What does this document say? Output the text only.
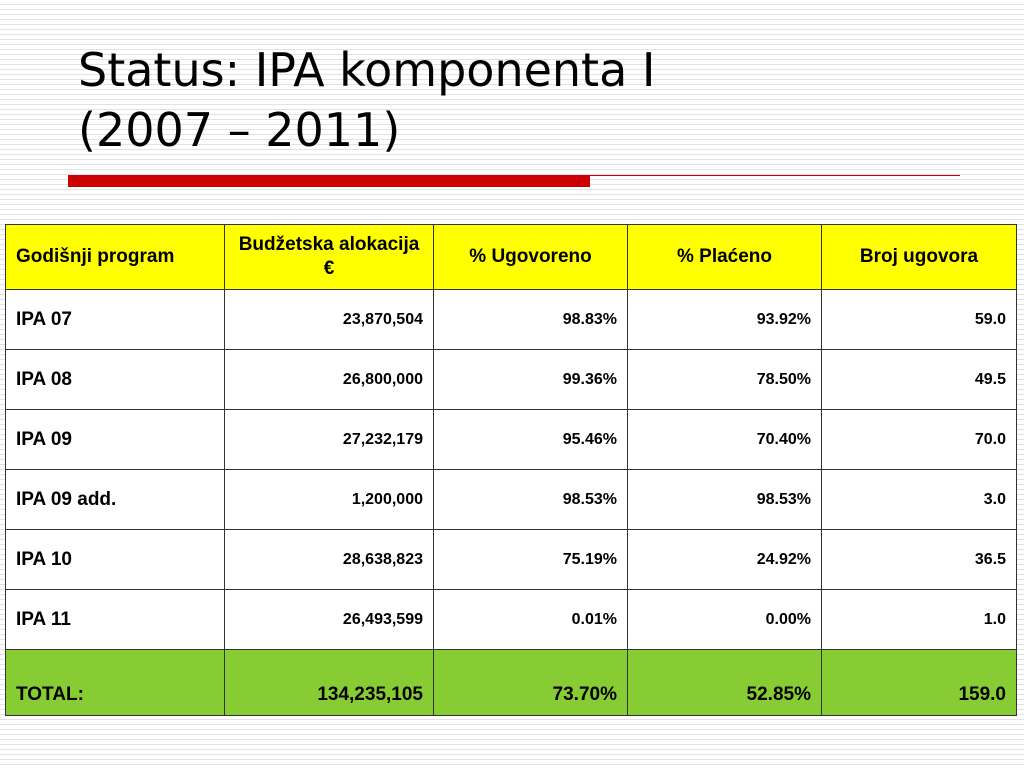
Status: IPA komponenta I
(2007 – 2011)
Godišnji program	Budžetska alokacija €	% Ugovoreno	% Plaćeno	Broj ugovora
IPA 07	23,870,504	98.83%	93.92%	59.0
IPA 08	26,800,000	99.36%	78.50%	49.5
IPA 09	27,232,179	95.46%	70.40%	70.0
IPA 09 add.	1,200,000	98.53%	98.53%	3.0
IPA 10	28,638,823	75.19%	24.92%	36.5
IPA 11	26,493,599	0.01%	0.00%	1.0
TOTAL:	134,235,105	73.70%	52.85%	159.0
